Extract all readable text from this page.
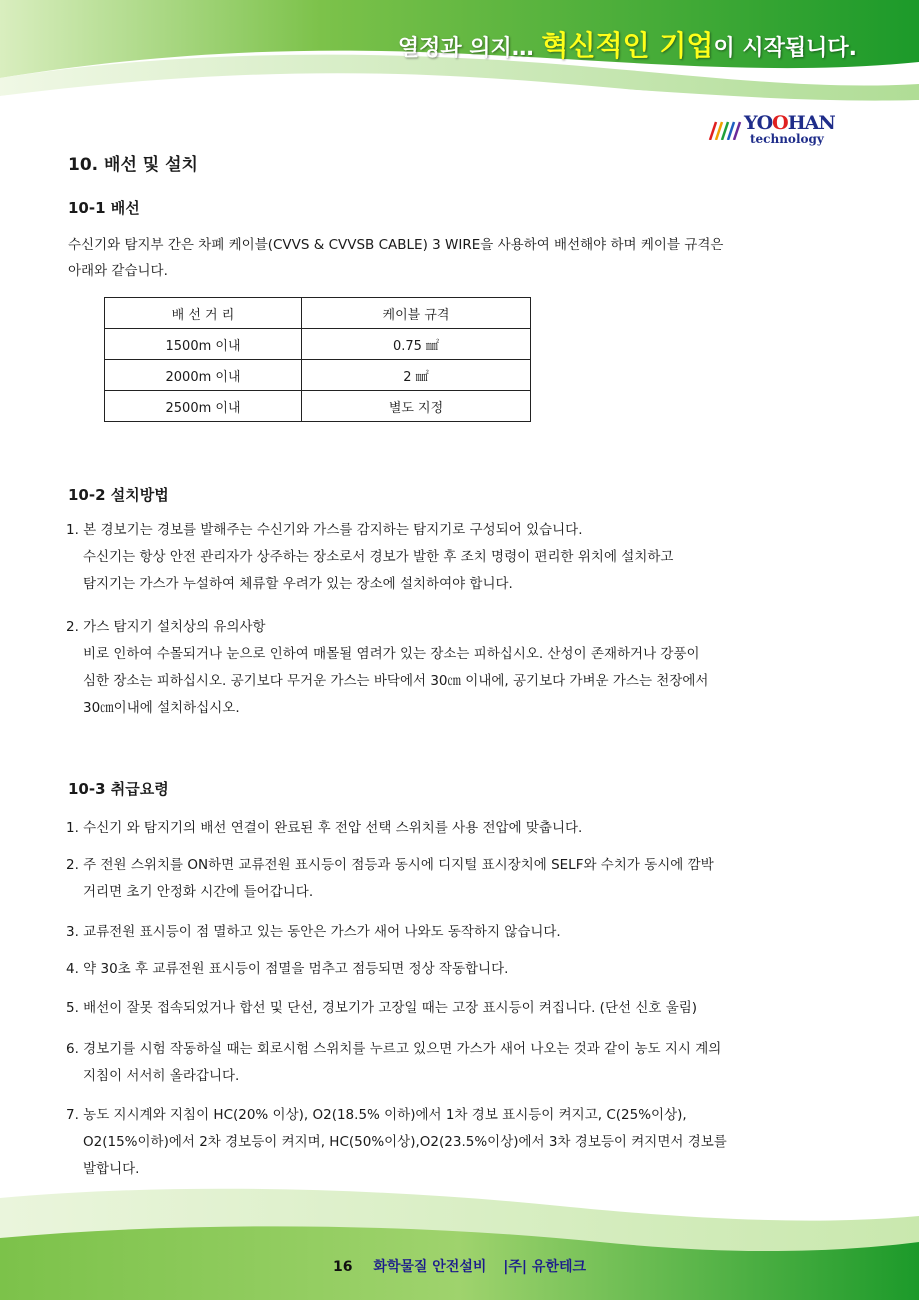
열정과 의지… 혁신적인 기업이 시작됩니다.
YOOHAN
technology
10. 배선 및 설치
10-1 배선
수신기와 탐지부 간은 차폐 케이블(CVVS & CVVSB CABLE) 3 WIRE을 사용하여 배선해야 하며 케이블 규격은
아래와 같습니다.
배 선 거 리	케이블 규격
1500m 이내	0.75 ㎟
2000m 이내	2 ㎟
2500m 이내	별도 지정
10-2 설치방법
1. 본 경보기는 경보를 발해주는 수신기와 가스를 감지하는 탐지기로 구성되어 있습니다.
수신기는 항상 안전 관리자가 상주하는 장소로서 경보가 발한 후 조치 명령이 편리한 위치에 설치하고
탐지기는 가스가 누설하여 체류할 우려가 있는 장소에 설치하여야 합니다.
2. 가스 탐지기 설치상의 유의사항
비로 인하여 수몰되거나 눈으로 인하여 매몰될 염려가 있는 장소는 피하십시오. 산성이 존재하거나 강풍이
심한 장소는 피하십시오. 공기보다 무거운 가스는 바닥에서 30㎝ 이내에, 공기보다 가벼운 가스는 천장에서
30㎝이내에 설치하십시오.
10-3 취급요령
1. 수신기 와 탐지기의 배선 연결이 완료된 후 전압 선택 스위치를 사용 전압에 맞춥니다.
2. 주 전원 스위치를 ON하면 교류전원 표시등이 점등과 동시에 디지털 표시장치에 SELF와 수치가 동시에 깜박
거리면 초기 안정화 시간에 들어갑니다.
3. 교류전원 표시등이 점 멸하고 있는 동안은 가스가 새어 나와도 동작하지 않습니다.
4. 약 30초 후 교류전원 표시등이 점멸을 멈추고 점등되면 정상 작동합니다.
5. 배선이 잘못 접속되었거나 합선 및 단선, 경보기가 고장일 때는 고장 표시등이 켜집니다. (단선 신호 울림)
6. 경보기를 시험 작동하실 때는 회로시험 스위치를 누르고 있으면 가스가 새어 나오는 것과 같이 농도 지시 계의
지침이 서서히 올라갑니다.
7. 농도 지시계와 지침이 HC(20% 이상), O2(18.5% 이하)에서 1차 경보 표시등이 켜지고, C(25%이상),
O2(15%이하)에서 2차 경보등이 켜지며, HC(50%이상),O2(23.5%이상)에서 3차 경보등이 켜지면서 경보를
발합니다.
16 화학물질 안전설비 |주| 유한테크
